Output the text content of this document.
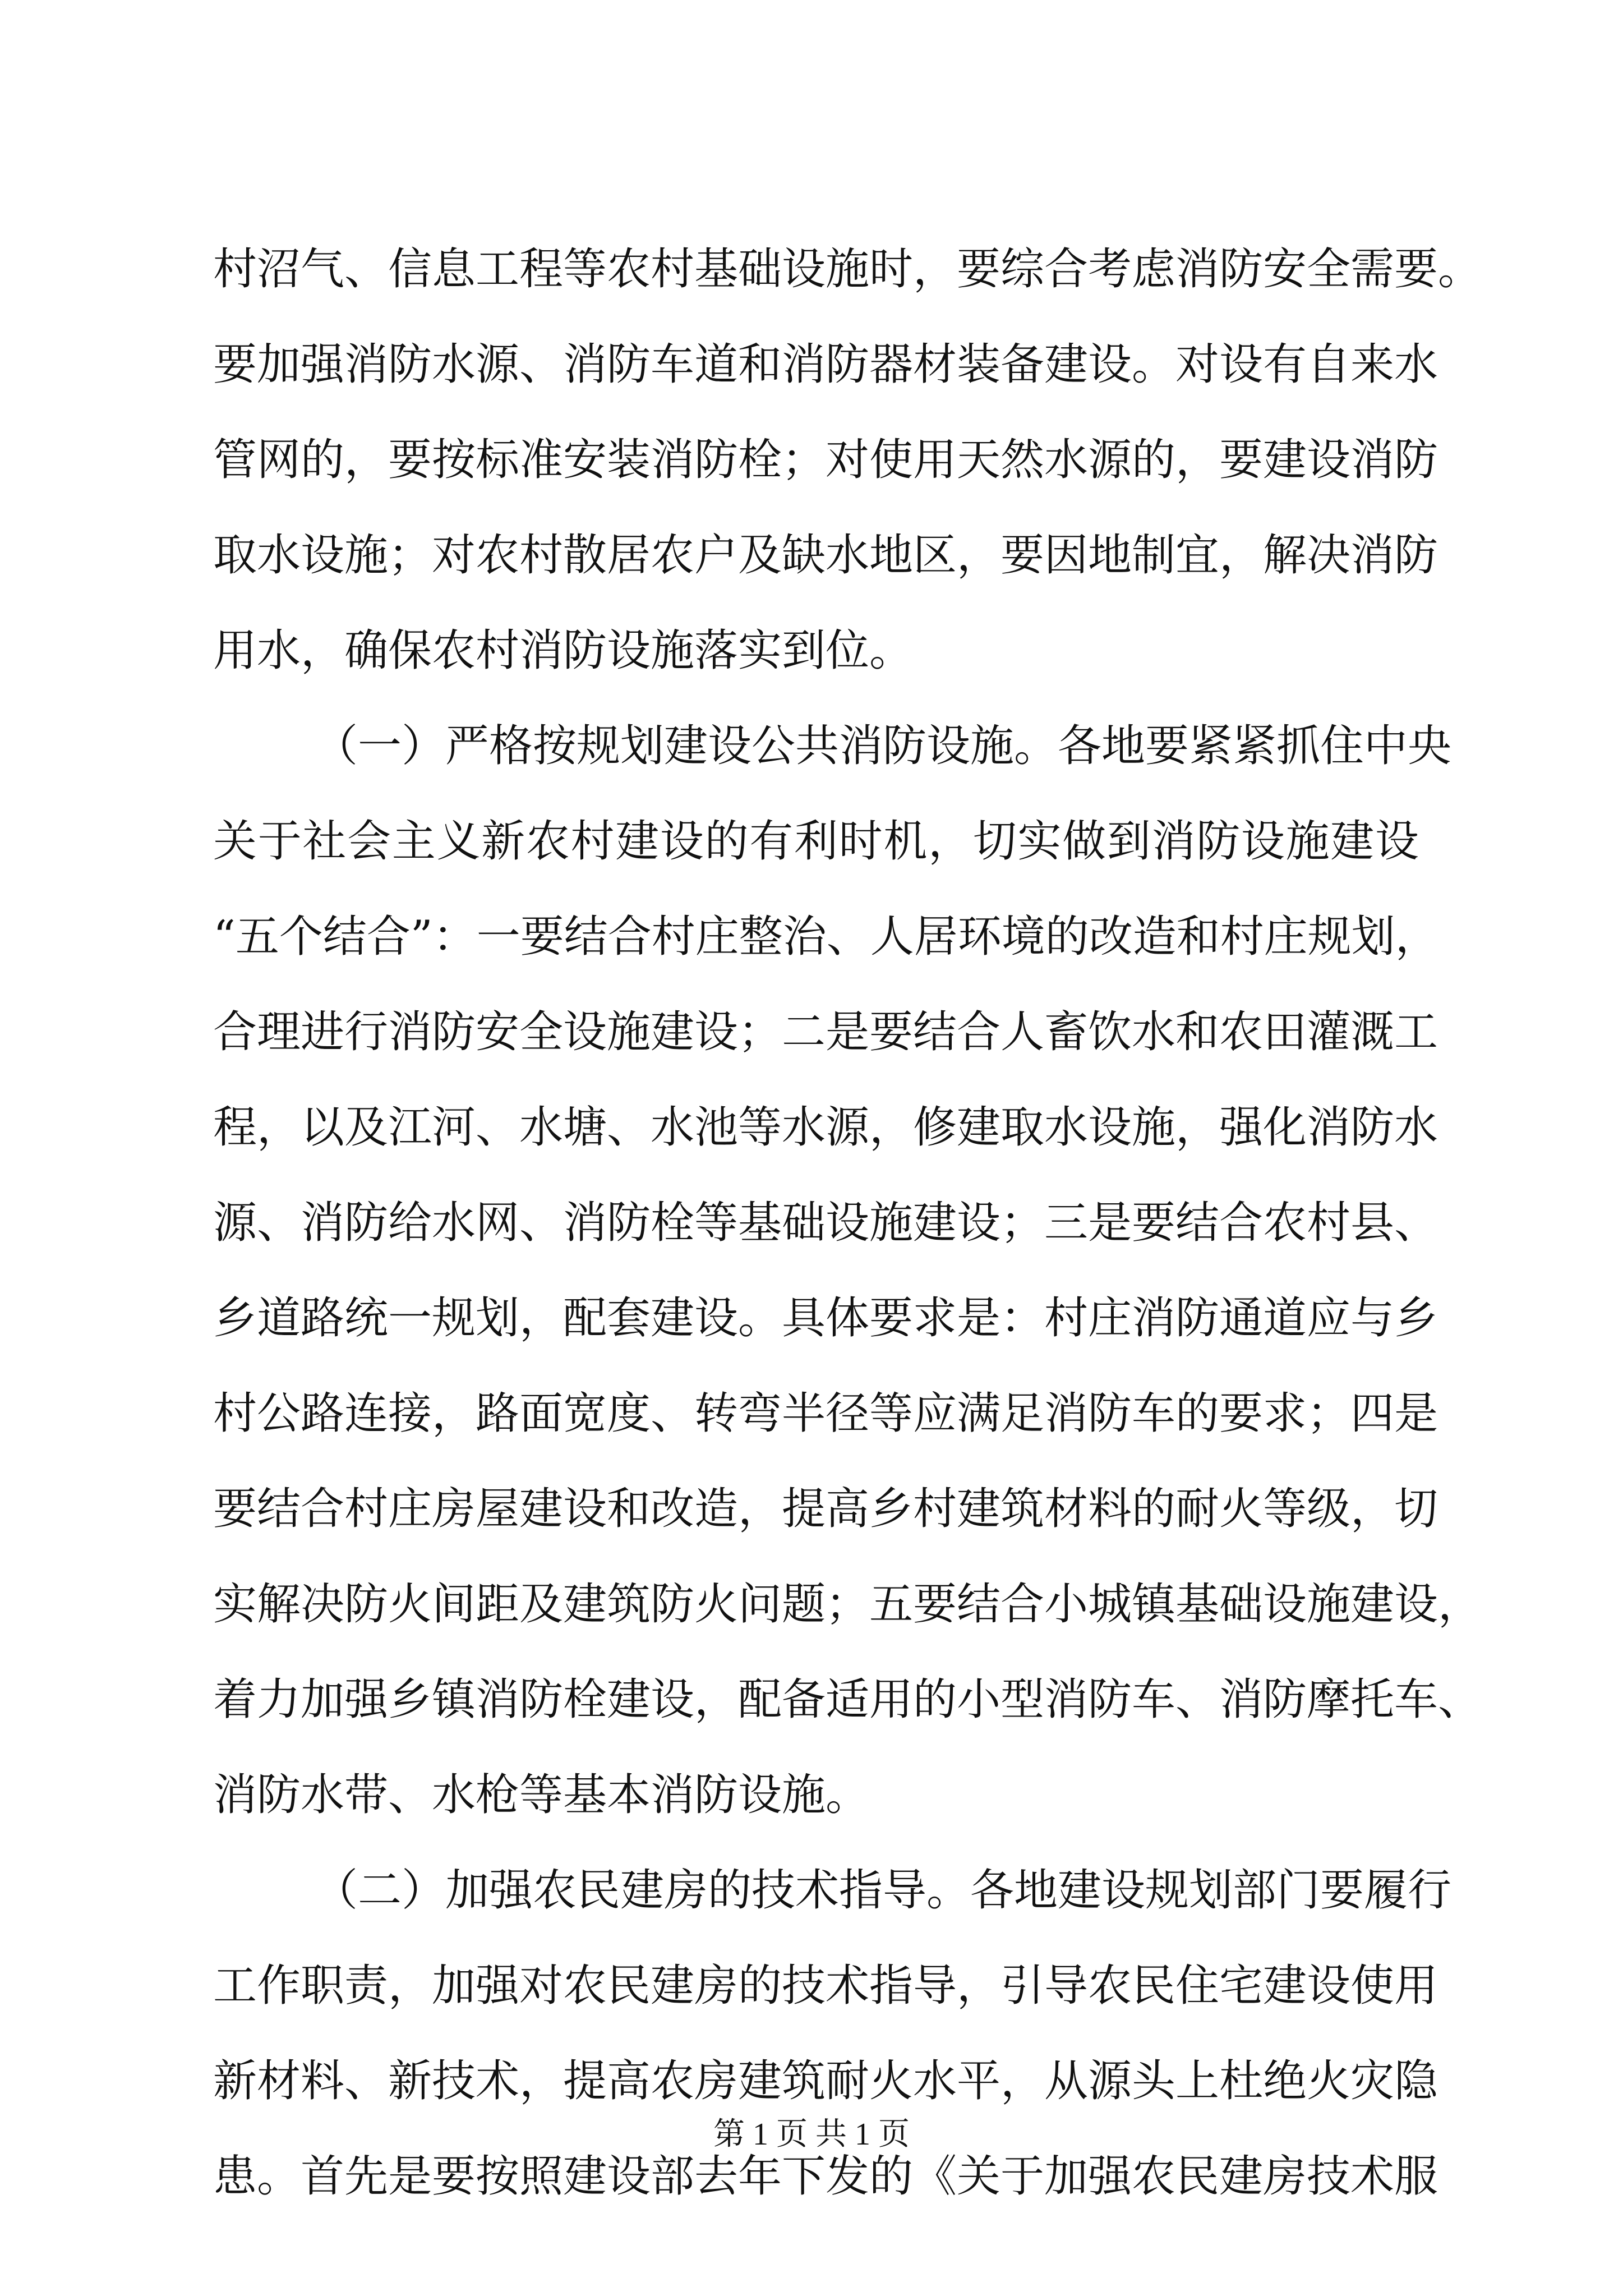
村沼气、信息工程等农村基础设施时，要综合考虑消防安全需要。
要加强消防水源、消防车道和消防器材装备建设。对设有自来水
管网的，要按标准安装消防栓；对使用天然水源的，要建设消防
取水设施；对农村散居农户及缺水地区，要因地制宜，解决消防
用水，确保农村消防设施落实到位。
（一）严格按规划建设公共消防设施。各地要紧紧抓住中央
关于社会主义新农村建设的有利时机，切实做到消防设施建设
“五个结合”：一要结合村庄整治、人居环境的改造和村庄规划，
合理进行消防安全设施建设；二是要结合人畜饮水和农田灌溉工
程，以及江河、水塘、水池等水源，修建取水设施，强化消防水
源、消防给水网、消防栓等基础设施建设；三是要结合农村县、
乡道路统一规划，配套建设。具体要求是：村庄消防通道应与乡
村公路连接，路面宽度、转弯半径等应满足消防车的要求；四是
要结合村庄房屋建设和改造，提高乡村建筑材料的耐火等级，切
实解决防火间距及建筑防火问题；五要结合小城镇基础设施建设，
着力加强乡镇消防栓建设，配备适用的小型消防车、消防摩托车、
消防水带、水枪等基本消防设施。
（二）加强农民建房的技术指导。各地建设规划部门要履行
工作职责，加强对农民建房的技术指导，引导农民住宅建设使用
新材料、新技术，提高农房建筑耐火水平，从源头上杜绝火灾隐
患。首先是要按照建设部去年下发的《关于加强农民建房技术服
第 1 页 共 1 页
